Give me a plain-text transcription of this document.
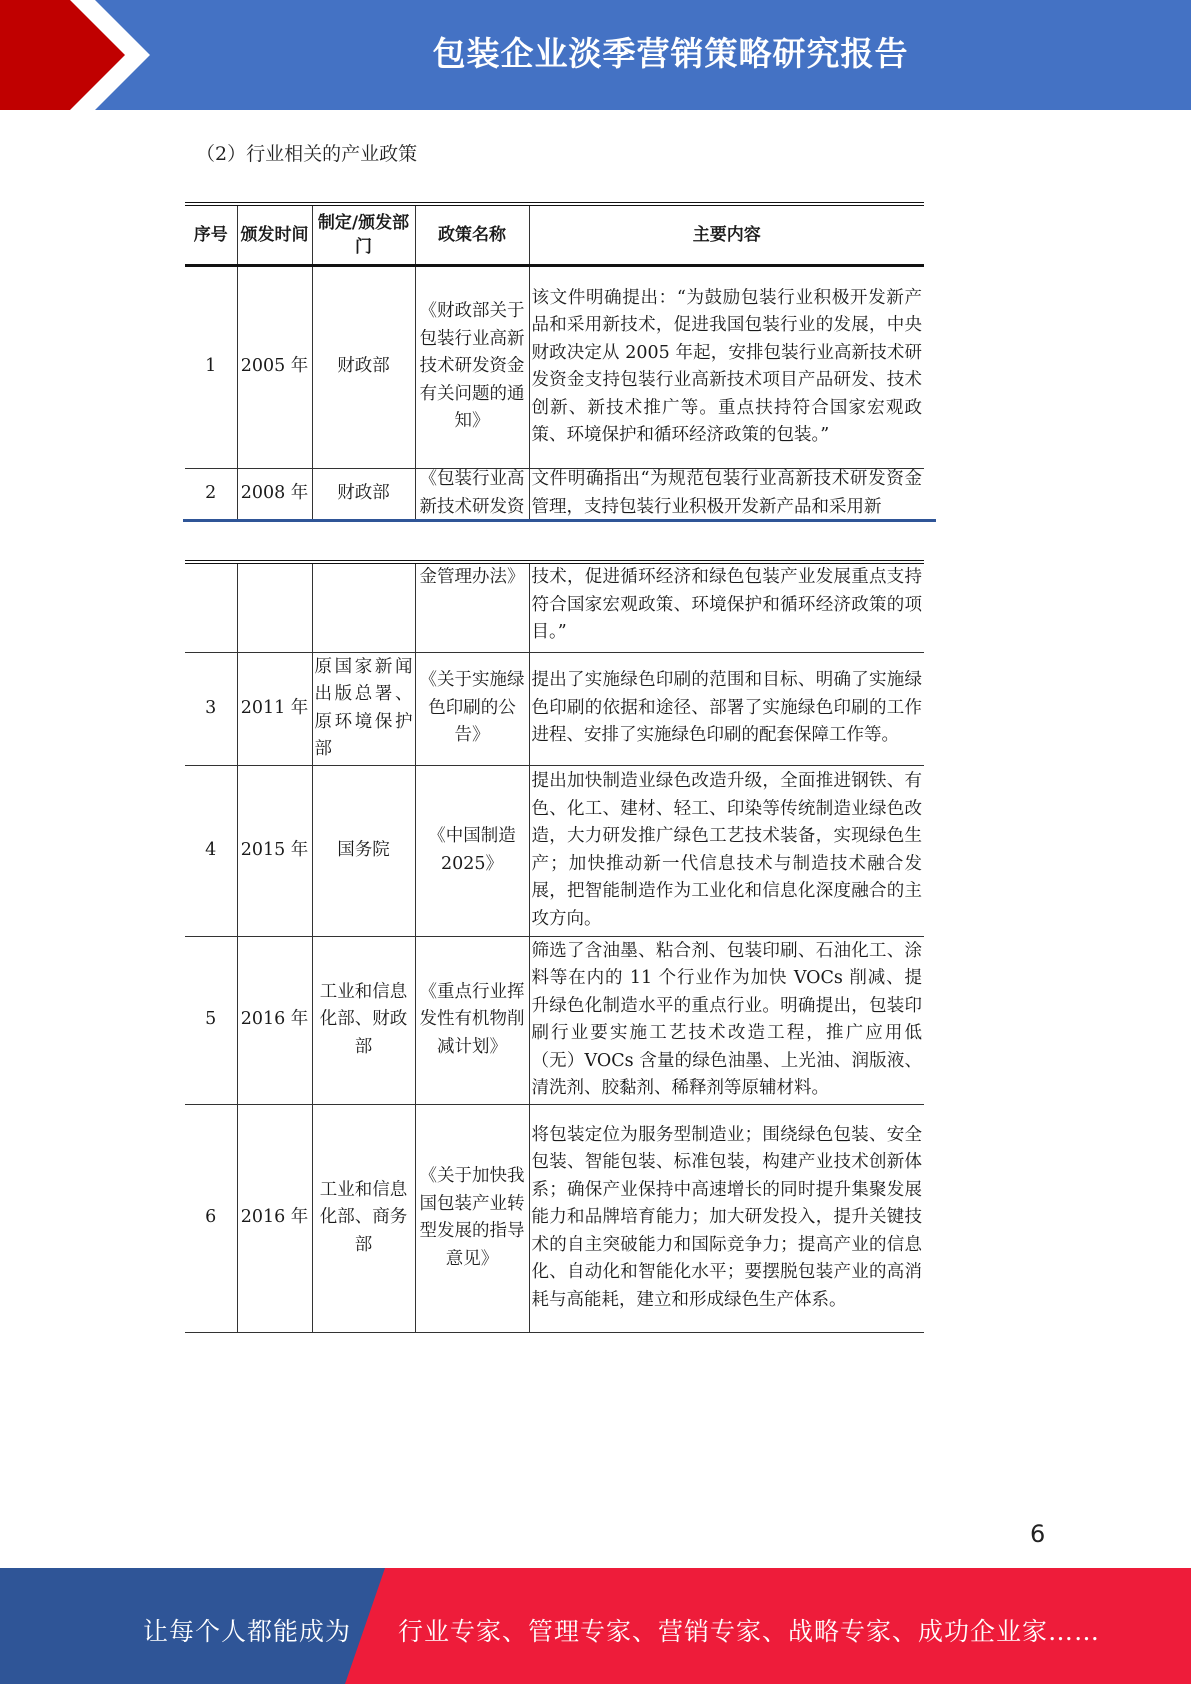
包装企业淡季营销策略研究报告
（2）行业相关的产业政策
序号	颁发时间	制定/颁发部门	政策名称	主要内容
1	2005 年	财政部	《财政部关于包装行业高新技术研发资金有关问题的通知》	该文件明确提出：“为鼓励包装行业积极开发新产品和采用新技术，促进我国包装行业的发展，中央财政决定从 2005 年起，安排包装行业高新技术研发资金支持包装行业高新技术项目产品研发、技术创新、新技术推广等。重点扶持符合国家宏观政策、环境保护和循环经济政策的包装。”
2	2008 年	财政部	《包装行业高新技术研发资	文件明确指出“为规范包装行业高新技术研发资金管理，支持包装行业积极开发新产品和采用新
			金管理办法》	技术，促进循环经济和绿色包装产业发展重点支持符合国家宏观政策、环境保护和循环经济政策的项目。”
3	2011 年	原国家新闻出版总署、原环境保护部	《关于实施绿色印刷的公告》	提出了实施绿色印刷的范围和目标、明确了实施绿色印刷的依据和途径、部署了实施绿色印刷的工作进程、安排了实施绿色印刷的配套保障工作等。
4	2015 年	国务院	《中国制造 2025》	提出加快制造业绿色改造升级，全面推进钢铁、有色、化工、建材、轻工、印染等传统制造业绿色改造，大力研发推广绿色工艺技术装备，实现绿色生产；加快推动新一代信息技术与制造技术融合发展，把智能制造作为工业化和信息化深度融合的主攻方向。
5	2016 年	工业和信息化部、财政部	《重点行业挥发性有机物削减计划》	筛选了含油墨、粘合剂、包装印刷、石油化工、涂料等在内的 11 个行业作为加快 VOCs 削减、提升绿色化制造水平的重点行业。明确提出，包装印刷行业要实施工艺技术改造工程，推广应用低（无）VOCs 含量的绿色油墨、上光油、润版液、清洗剂、胶黏剂、稀释剂等原辅材料。
6	2016 年	工业和信息化部、商务部	《关于加快我国包装产业转型发展的指导意见》	将包装定位为服务型制造业；围绕绿色包装、安全包装、智能包装、标准包装，构建产业技术创新体系；确保产业保持中高速增长的同时提升集聚发展能力和品牌培育能力；加大研发投入，提升关键技术的自主突破能力和国际竞争力；提高产业的信息化、自动化和智能化水平；要摆脱包装产业的高消耗与高能耗，建立和形成绿色生产体系。
6
让每个人都能成为 行业专家、管理专家、营销专家、战略专家、成功企业家……
